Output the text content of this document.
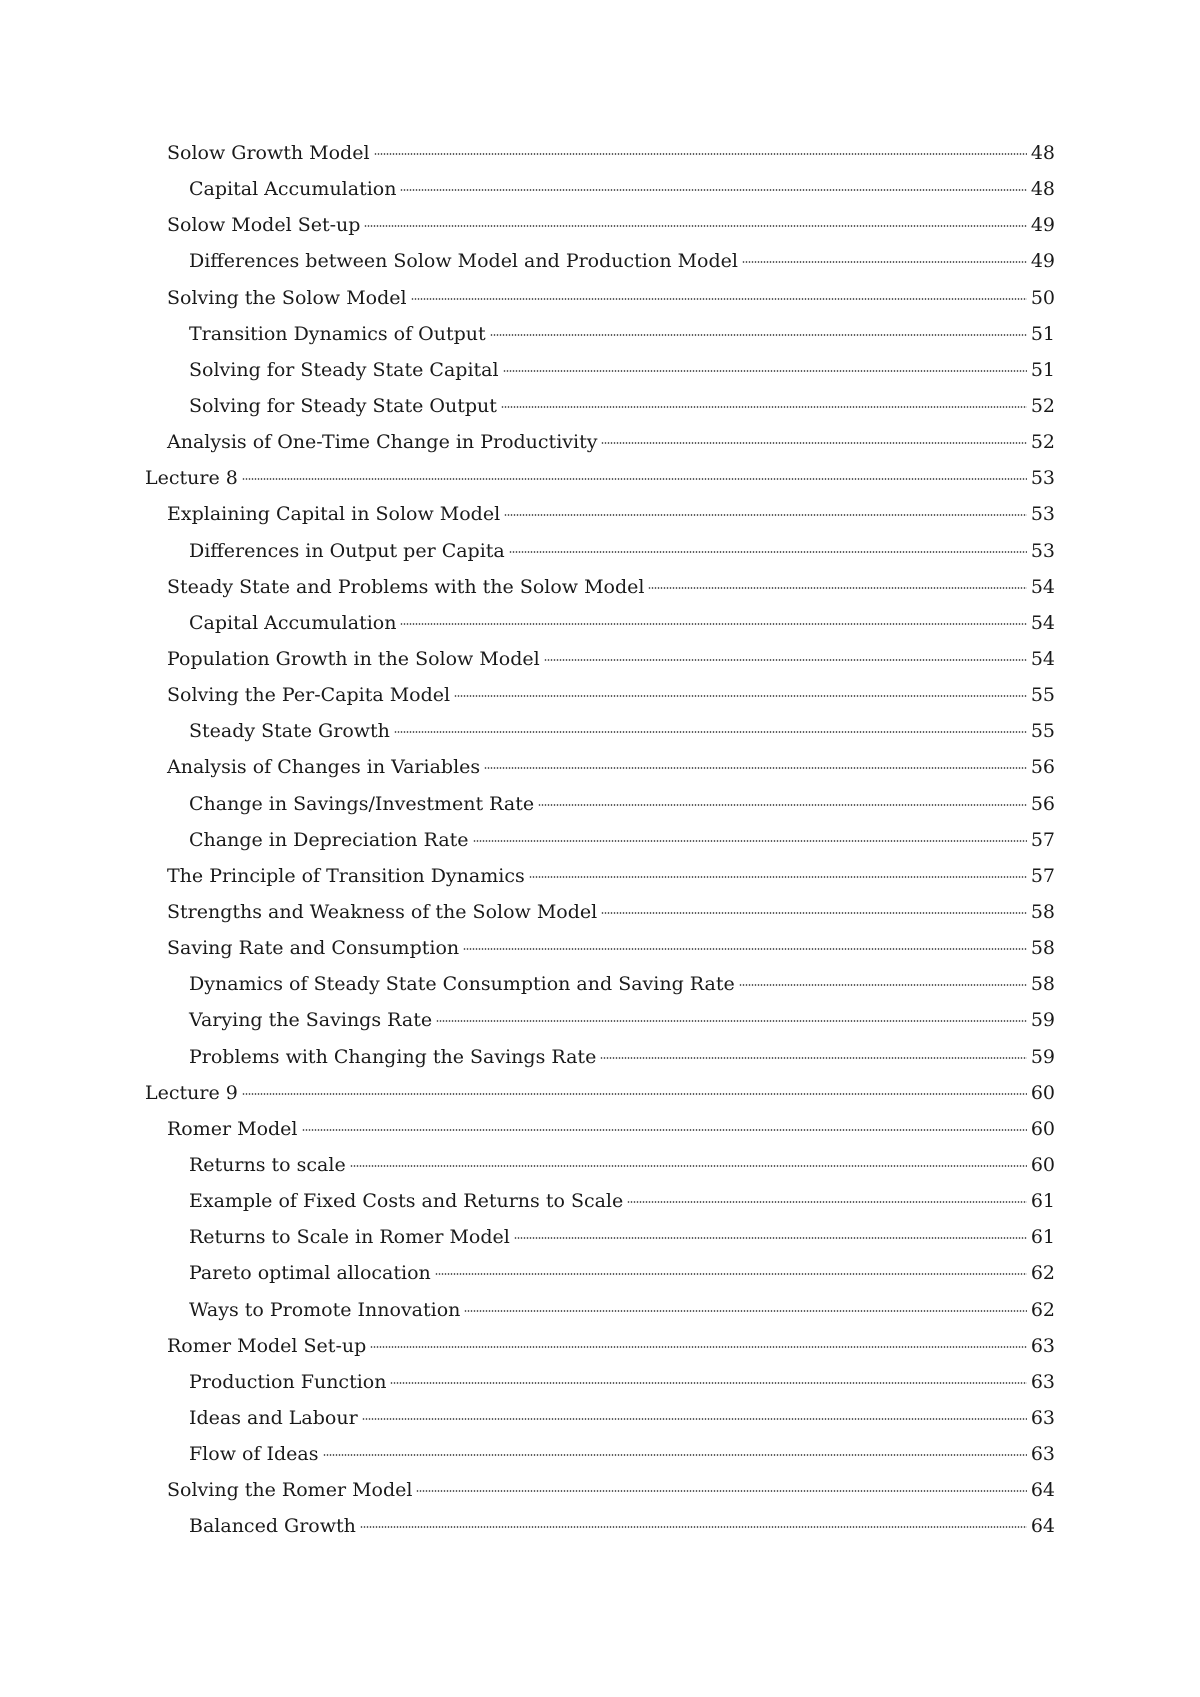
Solow Growth Model	48
Capital Accumulation	48
Solow Model Set-up	49
Differences between Solow Model and Production Model	49
Solving the Solow Model	50
Transition Dynamics of Output	51
Solving for Steady State Capital	51
Solving for Steady State Output	52
Analysis of One-Time Change in Productivity	52
Lecture 8	53
Explaining Capital in Solow Model	53
Differences in Output per Capita	53
Steady State and Problems with the Solow Model	54
Capital Accumulation	54
Population Growth in the Solow Model	54
Solving the Per-Capita Model	55
Steady State Growth	55
Analysis of Changes in Variables	56
Change in Savings/Investment Rate	56
Change in Depreciation Rate	57
The Principle of Transition Dynamics	57
Strengths and Weakness of the Solow Model	58
Saving Rate and Consumption	58
Dynamics of Steady State Consumption and Saving Rate	58
Varying the Savings Rate	59
Problems with Changing the Savings Rate	59
Lecture 9	60
Romer Model	60
Returns to scale	60
Example of Fixed Costs and Returns to Scale	61
Returns to Scale in Romer Model	61
Pareto optimal allocation	62
Ways to Promote Innovation	62
Romer Model Set-up	63
Production Function	63
Ideas and Labour	63
Flow of Ideas	63
Solving the Romer Model	64
Balanced Growth	64
